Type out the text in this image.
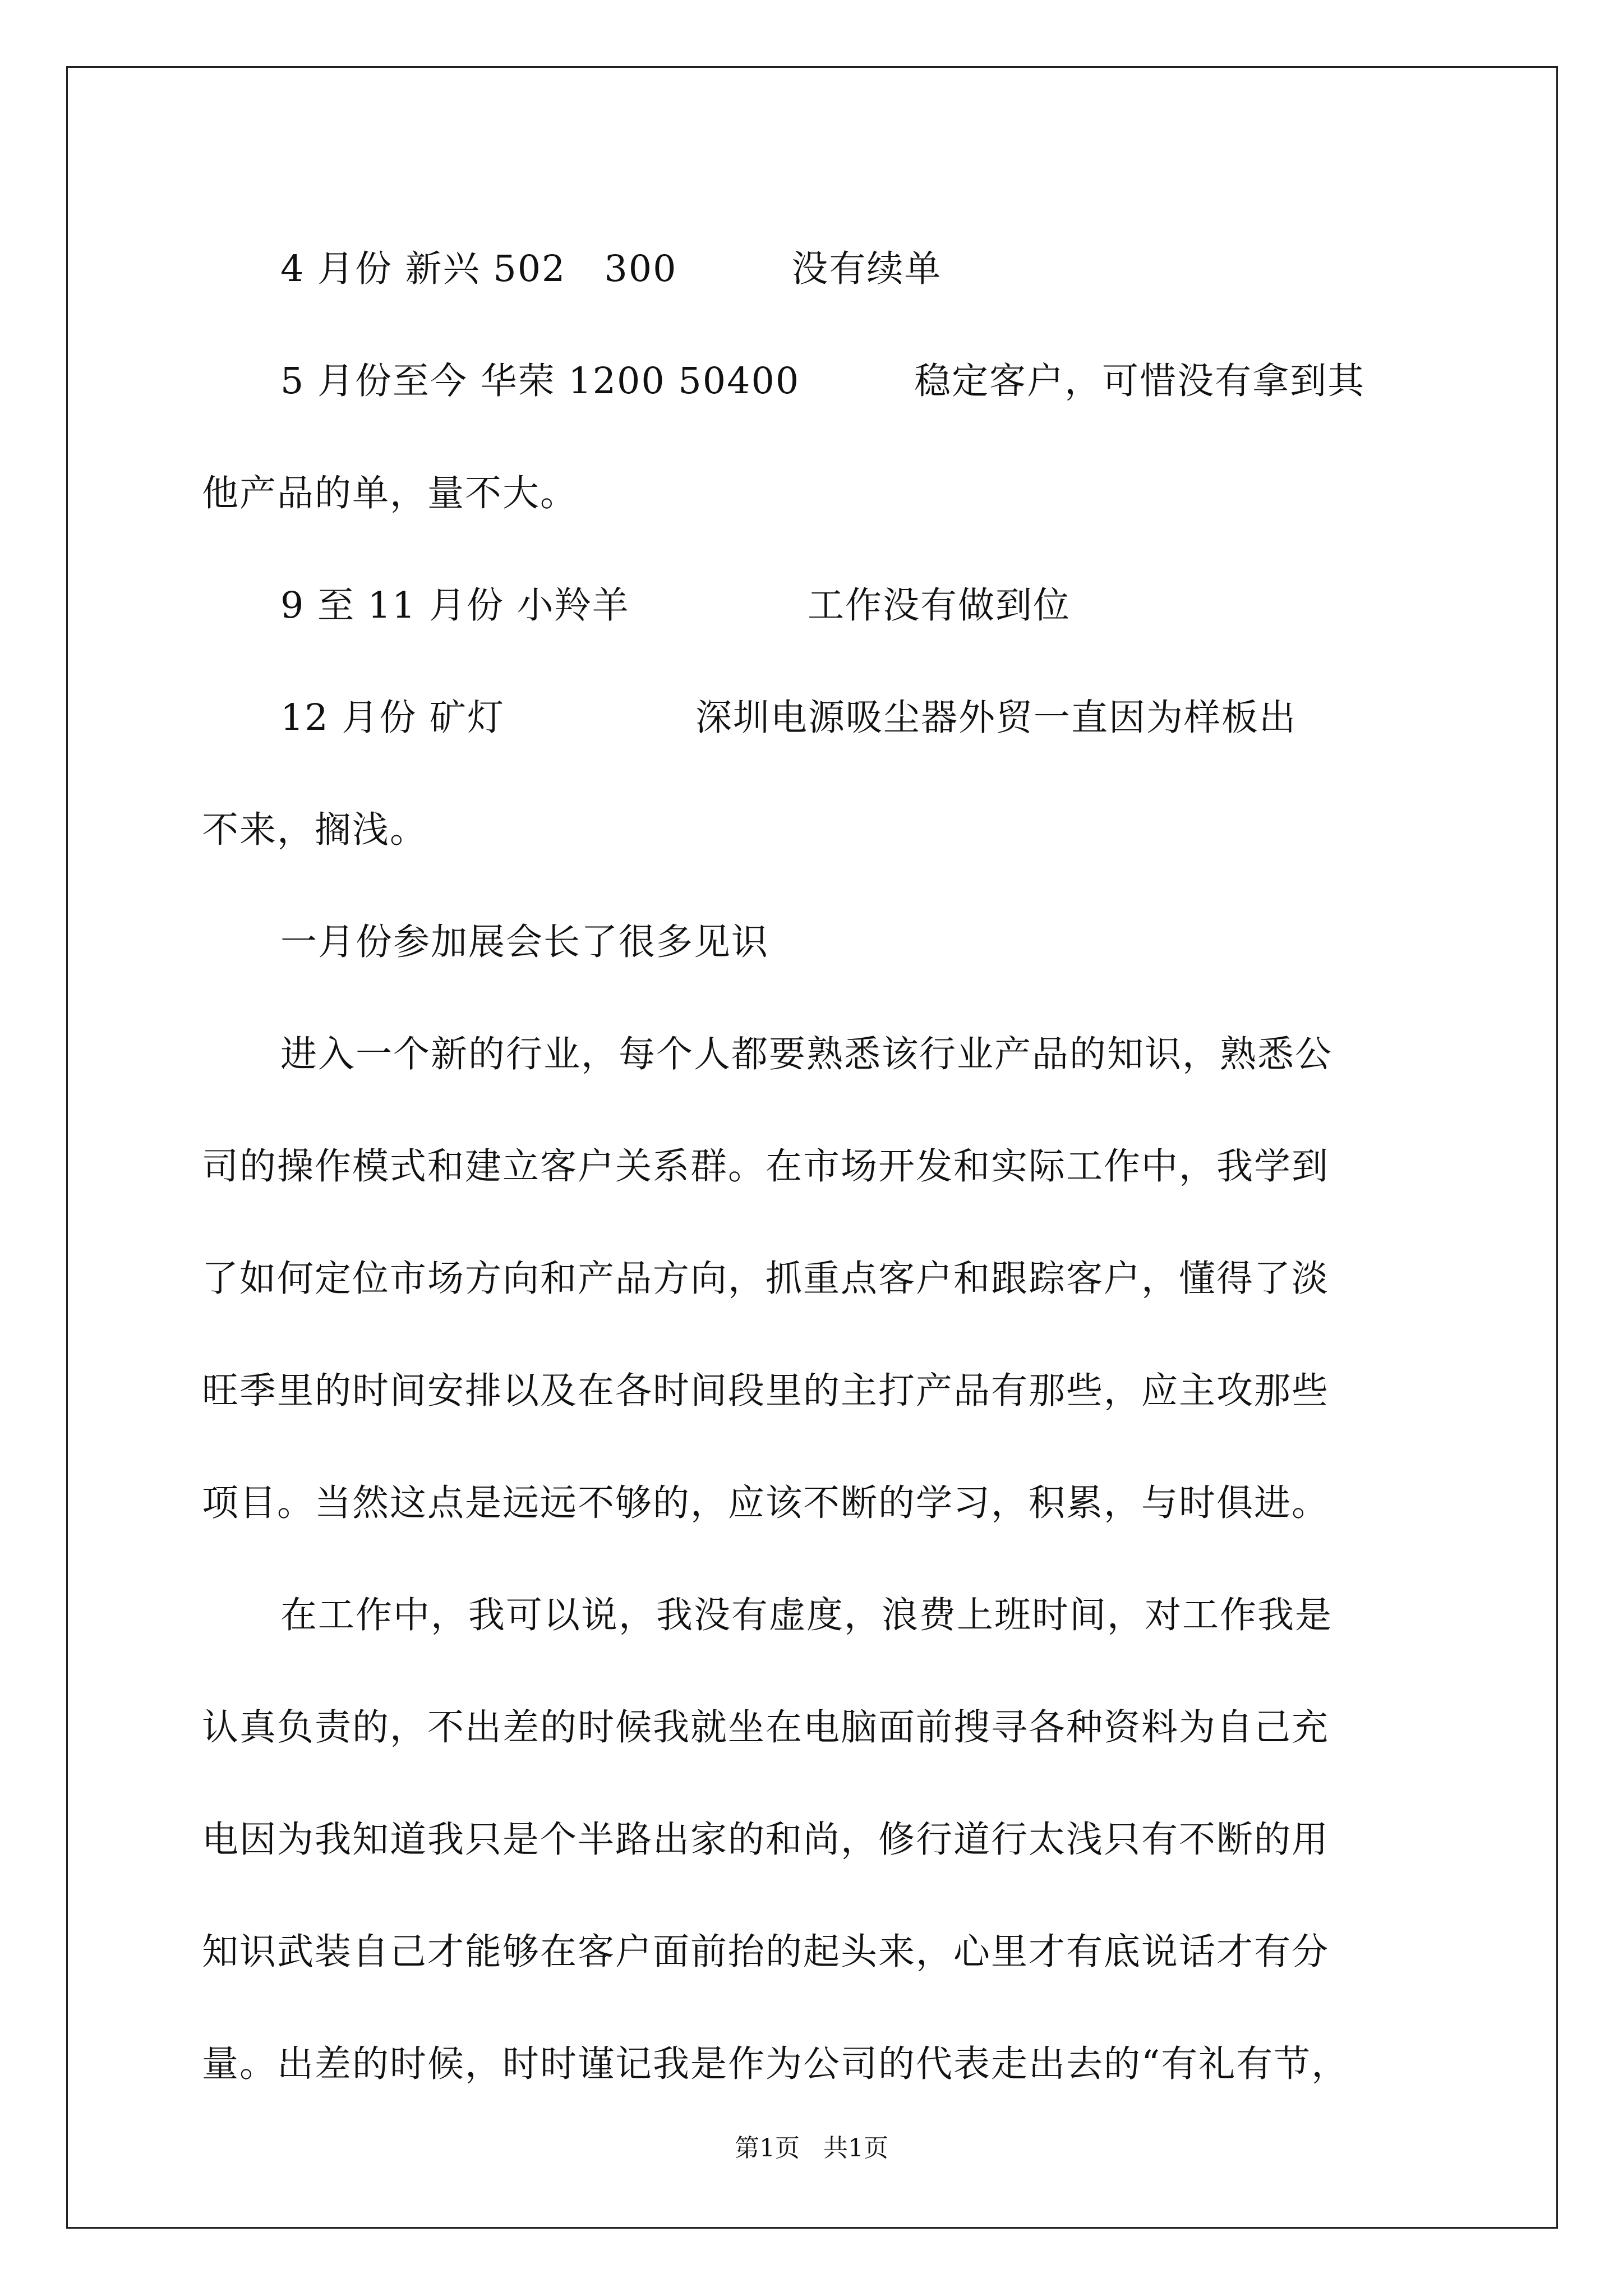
4 月份 新兴 502   300         没有续单
5 月份至今 华荣 1200 50400         稳定客户，可惜没有拿到其
他产品的单，量不大。
9 至 11 月份 小羚羊              工作没有做到位
12 月份 矿灯               深圳电源吸尘器外贸一直因为样板出
不来，搁浅。
一月份参加展会长了很多见识
进入一个新的行业，每个人都要熟悉该行业产品的知识，熟悉公
司的操作模式和建立客户关系群。在市场开发和实际工作中，我学到
了如何定位市场方向和产品方向，抓重点客户和跟踪客户，懂得了淡
旺季里的时间安排以及在各时间段里的主打产品有那些，应主攻那些
项目。当然这点是远远不够的，应该不断的学习，积累，与时俱进。
在工作中，我可以说，我没有虚度，浪费上班时间，对工作我是
认真负责的，不出差的时候我就坐在电脑面前搜寻各种资料为自己充
电因为我知道我只是个半路出家的和尚，修行道行太浅只有不断的用
知识武装自己才能够在客户面前抬的起头来，心里才有底说话才有分
量。出差的时候，时时谨记我是作为公司的代表走出去的“有礼有节，
第1页   共1页
